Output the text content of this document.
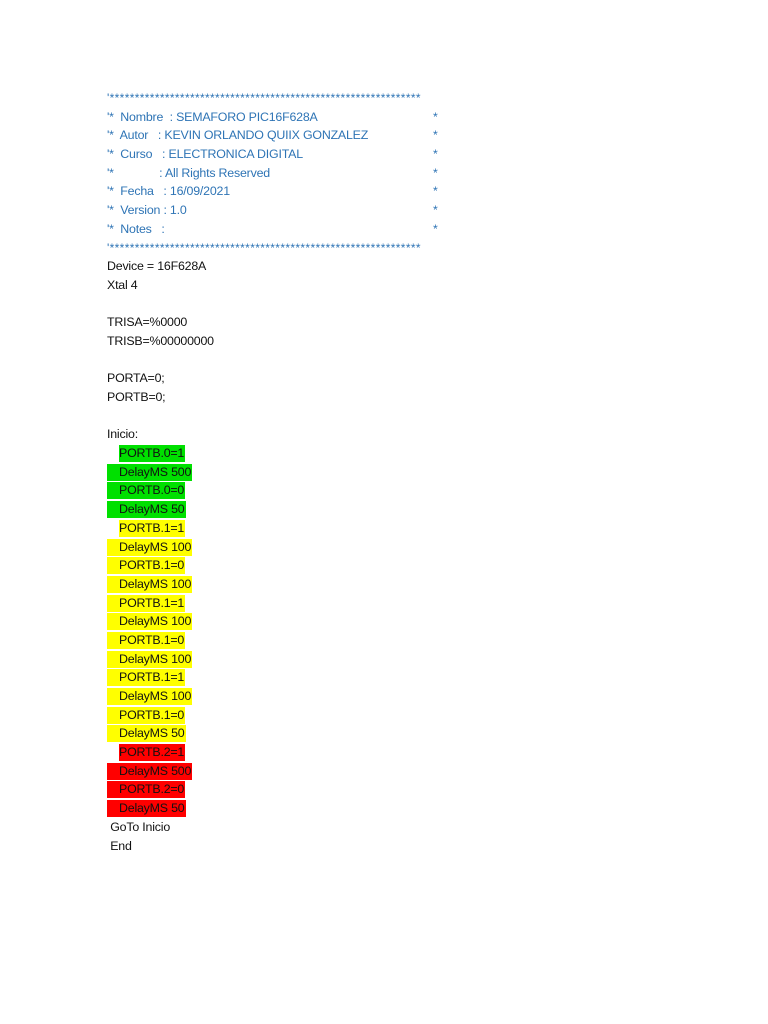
'**************************************************************
'*  Nombre  : SEMAFORO PIC16F628A	*
'*  Autor   : KEVIN ORLANDO QUIIX GONZALEZ	*
'*  Curso   : ELECTRONICA DIGITAL	*
'*              : All Rights Reserved	*
'*  Fecha   : 16/09/2021	*
'*  Version : 1.0	*
'*  Notes   :	*
'**************************************************************
Device = 16F628A
Xtal 4
TRISA=%0000
TRISB=%00000000
PORTA=0;
PORTB=0;
Inicio:
PORTB.0=1
DelayMS 500
PORTB.0=0
DelayMS 50
PORTB.1=1
DelayMS 100
PORTB.1=0
DelayMS 100
PORTB.1=1
DelayMS 100
PORTB.1=0
DelayMS 100
PORTB.1=1
DelayMS 100
PORTB.1=0
DelayMS 50
PORTB.2=1
DelayMS 500
PORTB.2=0
DelayMS 50
GoTo Inicio
End
